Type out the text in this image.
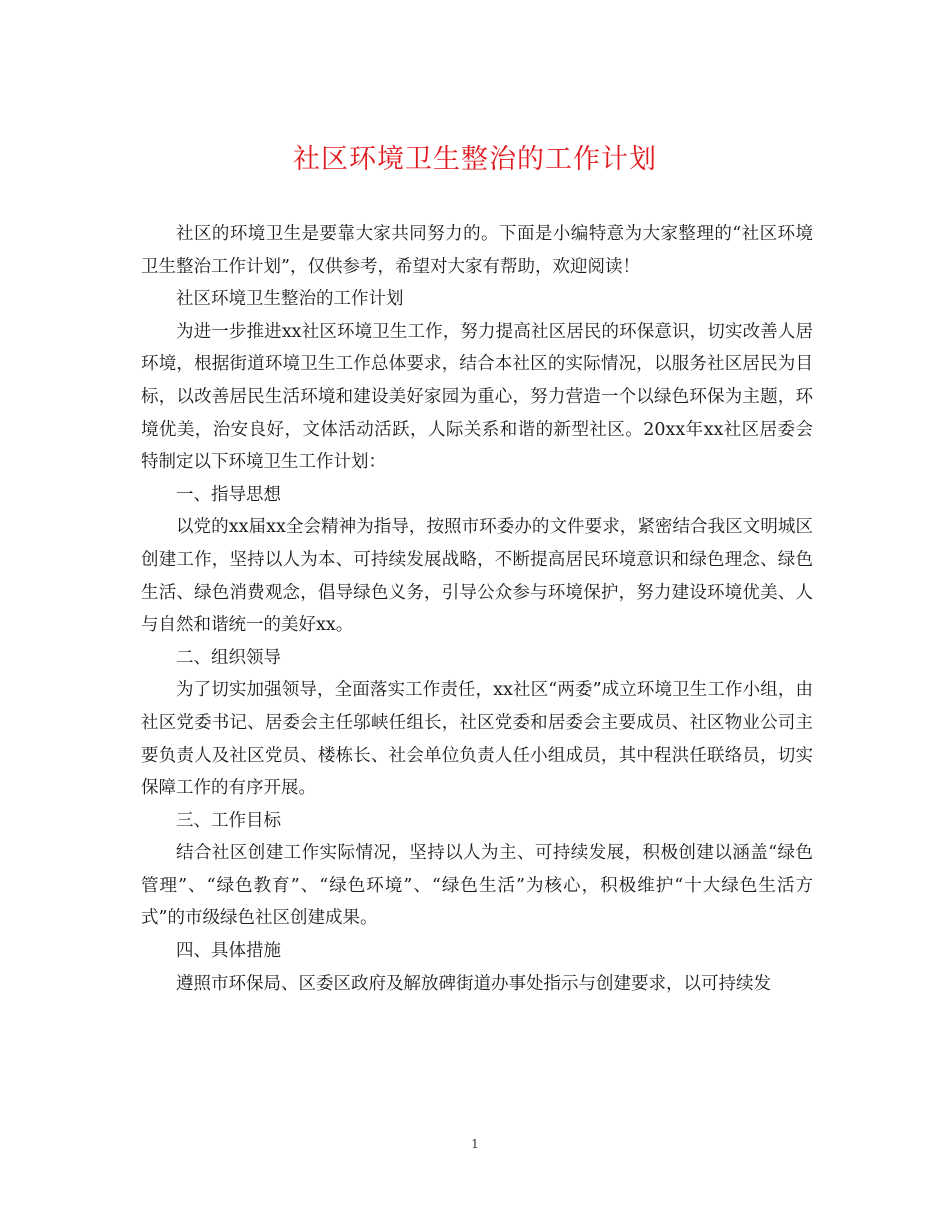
社区环境卫生整治的工作计划

社区的环境卫生是要靠大家共同努力的。下面是小编特意为大家整理的“社区环境卫生整治工作计划”，仅供参考，希望对大家有帮助，欢迎阅读！

社区环境卫生整治的工作计划

为进一步推进xx社区环境卫生工作，努力提高社区居民的环保意识，切实改善人居环境，根据街道环境卫生工作总体要求，结合本社区的实际情况，以服务社区居民为目标，以改善居民生活环境和建设美好家园为重心，努力营造一个以绿色环保为主题，环境优美，治安良好，文体活动活跃，人际关系和谐的新型社区。20xx年xx社区居委会特制定以下环境卫生工作计划：

一、指导思想

以党的xx届xx全会精神为指导，按照市环委办的文件要求，紧密结合我区文明城区创建工作，坚持以人为本、可持续发展战略，不断提高居民环境意识和绿色理念、绿色生活、绿色消费观念，倡导绿色义务，引导公众参与环境保护，努力建设环境优美、人与自然和谐统一的美好xx。

二、组织领导

为了切实加强领导，全面落实工作责任，xx社区“两委”成立环境卫生工作小组，由社区党委书记、居委会主任邬峡任组长，社区党委和居委会主要成员、社区物业公司主要负责人及社区党员、楼栋长、社会单位负责人任小组成员，其中程洪任联络员，切实保障工作的有序开展。

三、工作目标

结合社区创建工作实际情况，坚持以人为主、可持续发展，积极创建以涵盖“绿色管理”、“绿色教育”、“绿色环境”、“绿色生活”为核心，积极维护“十大绿色生活方式”的市级绿色社区创建成果。

四、具体措施

遵照市环保局、区委区政府及解放碑街道办事处指示与创建要求，以可持续发

1
